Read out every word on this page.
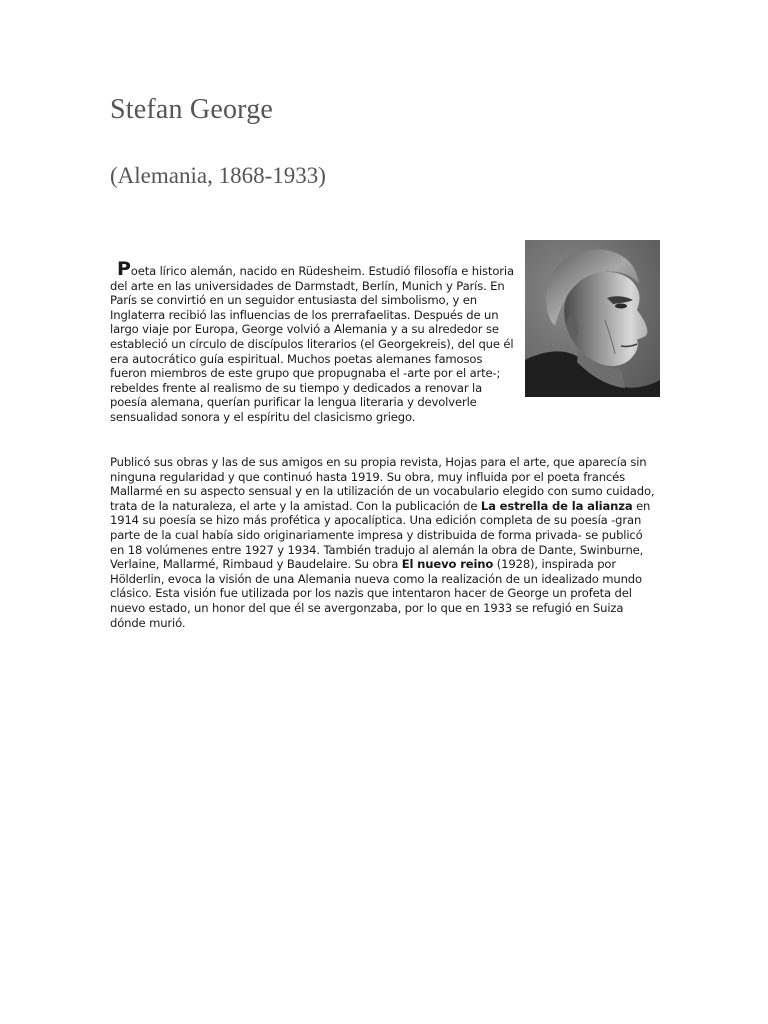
Stefan George
(Alemania, 1868-1933)

Poeta lírico alemán, nacido en Rüdesheim. Estudió filosofía e historia del arte en las universidades de Darmstadt, Berlín, Munich y París. En París se convirtió en un seguidor entusiasta del simbolismo, y en Inglaterra recibió las influencias de los prerrafaelitas. Después de un largo viaje por Europa, George volvió a Alemania y a su alrededor se estableció un círculo de discípulos literarios (el Georgekreis), del que él era autocrático guía espiritual. Muchos poetas alemanes famosos fueron miembros de este grupo que propugnaba el -arte por el arte-; rebeldes frente al realismo de su tiempo y dedicados a renovar la poesía alemana, querían purificar la lengua literaria y devolverle sensualidad sonora y el espíritu del clasicismo griego.

Publicó sus obras y las de sus amigos en su propia revista, Hojas para el arte, que aparecía sin ninguna regularidad y que continuó hasta 1919. Su obra, muy influida por el poeta francés Mallarmé en su aspecto sensual y en la utilización de un vocabulario elegido con sumo cuidado, trata de la naturaleza, el arte y la amistad. Con la publicación de La estrella de la alianza en 1914 su poesía se hizo más profética y apocalíptica. Una edición completa de su poesía -gran parte de la cual había sido originariamente impresa y distribuida de forma privada- se publicó en 18 volúmenes entre 1927 y 1934. También tradujo al alemán la obra de Dante, Swinburne, Verlaine, Mallarmé, Rimbaud y Baudelaire. Su obra El nuevo reino (1928), inspirada por Hölderlin, evoca la visión de una Alemania nueva como la realización de un idealizado mundo clásico. Esta visión fue utilizada por los nazis que intentaron hacer de George un profeta del nuevo estado, un honor del que él se avergonzaba, por lo que en 1933 se refugió en Suiza dónde murió.
